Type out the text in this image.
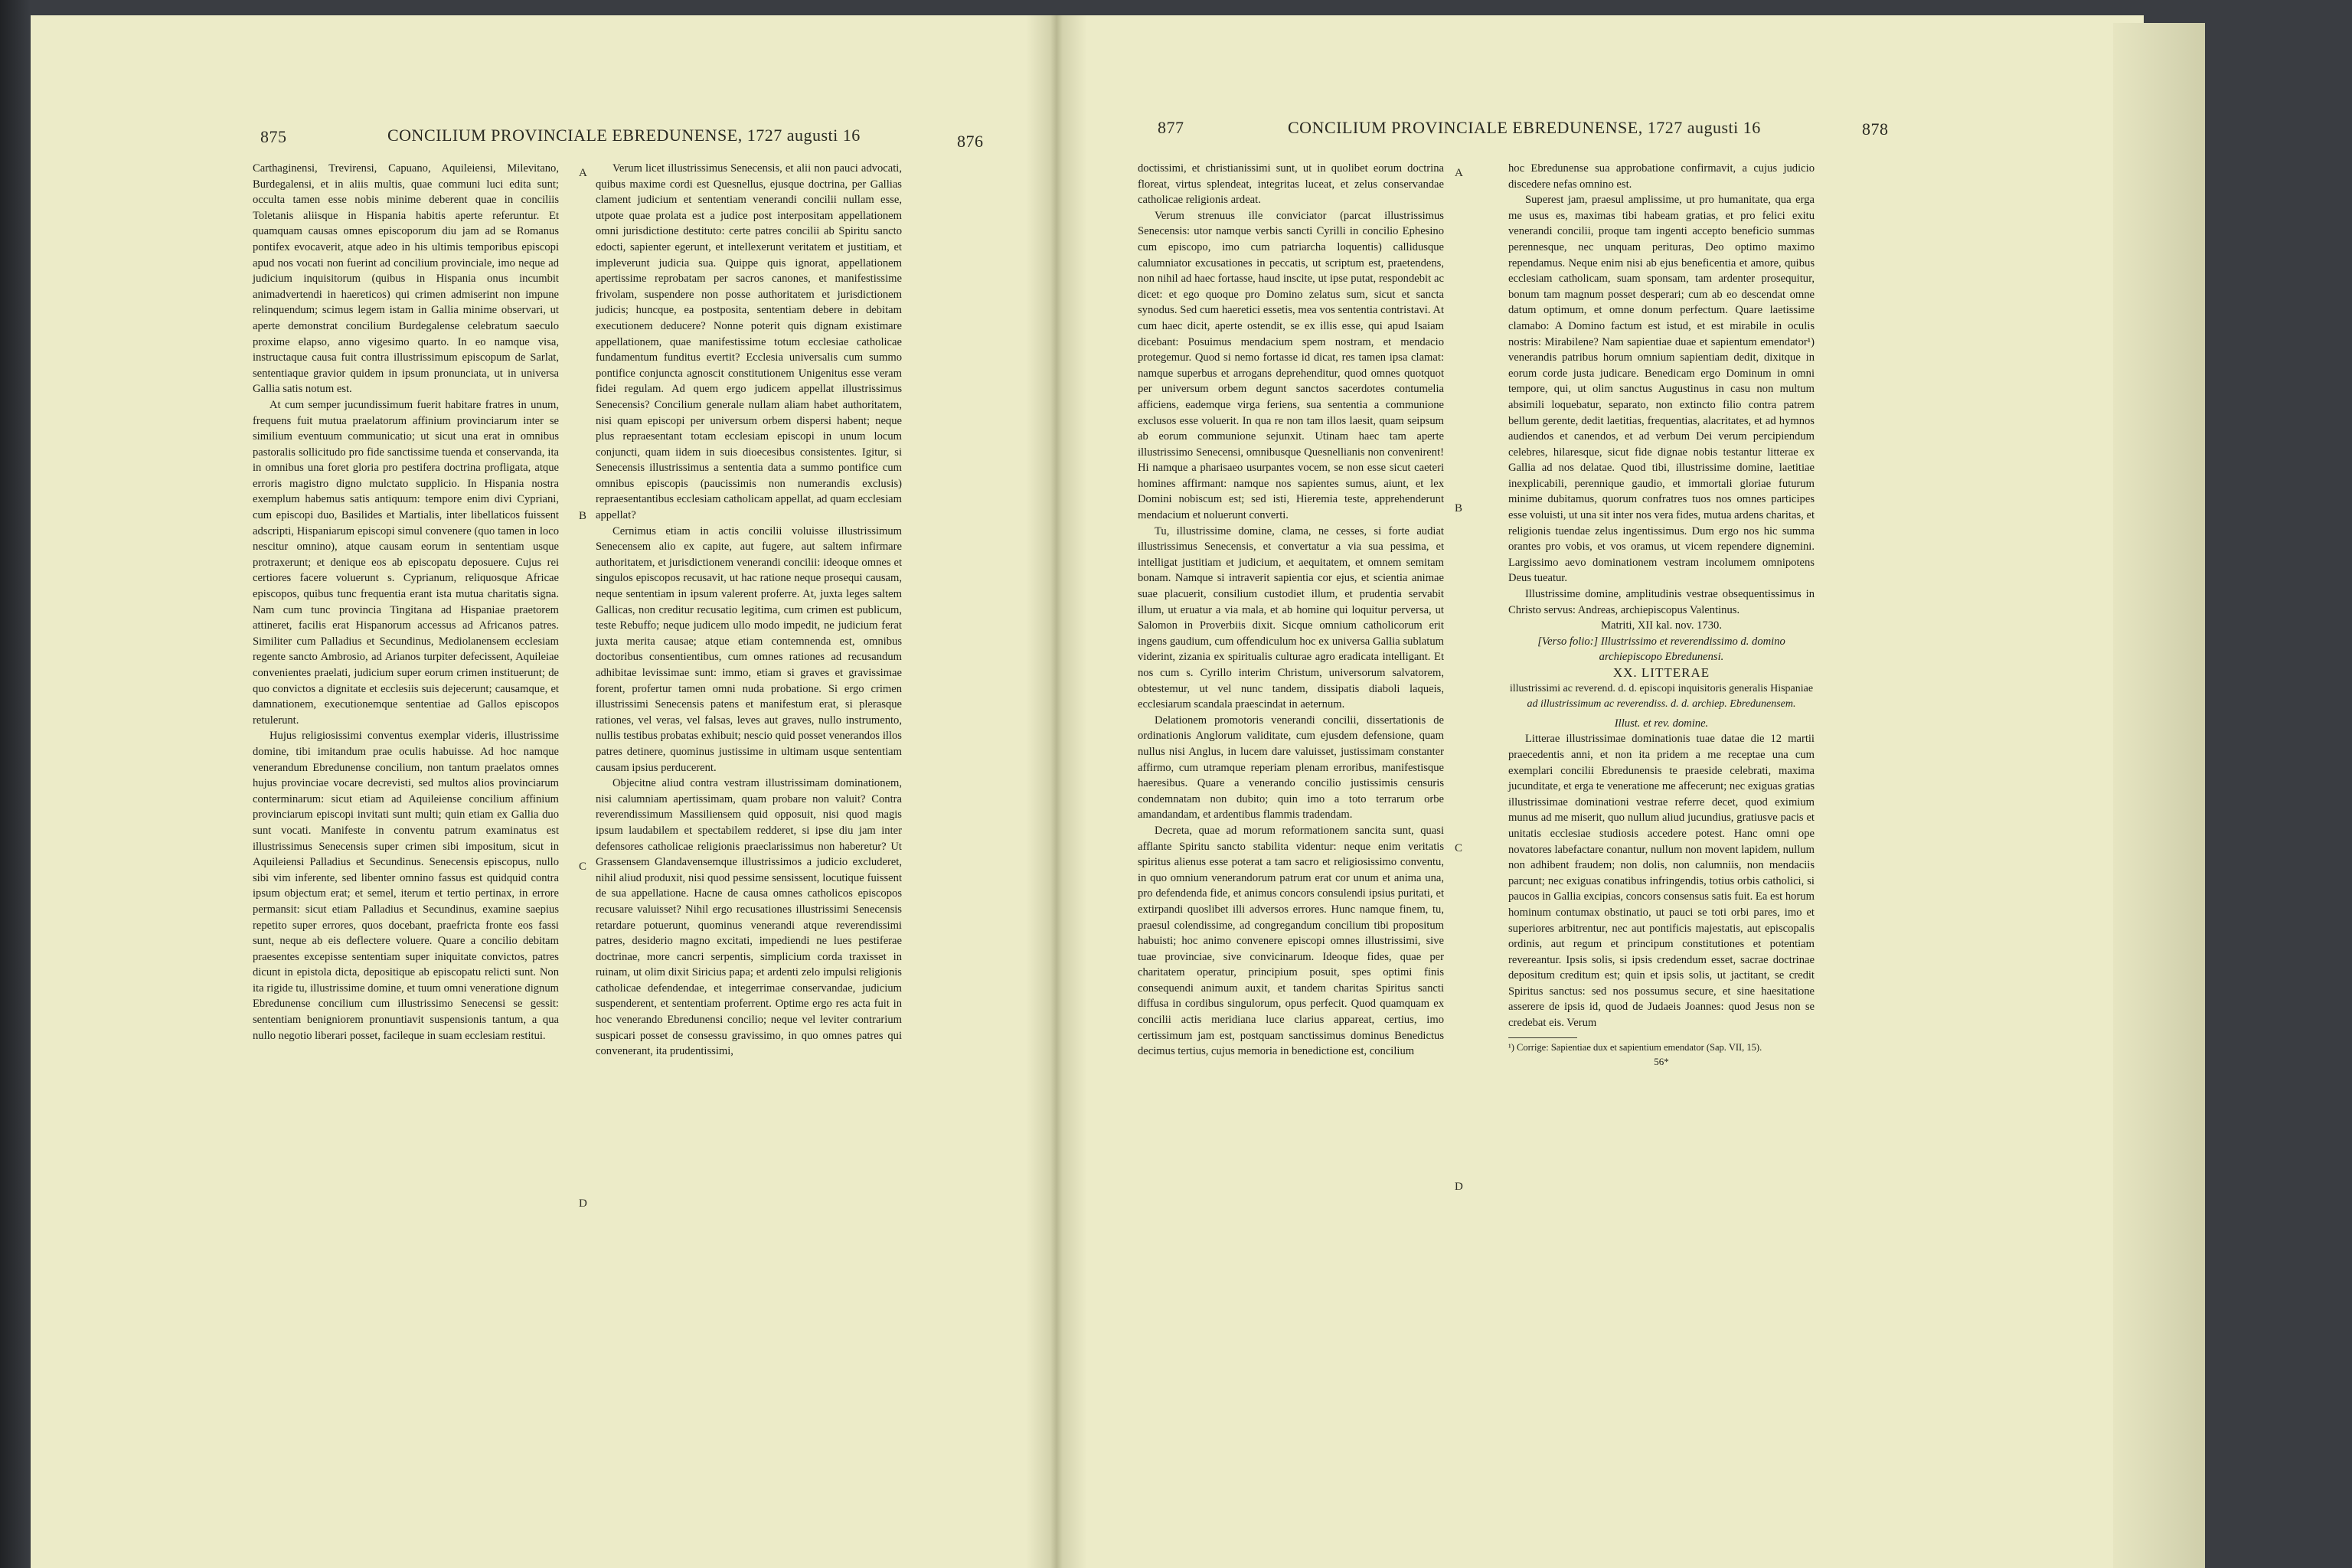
875	CONCILIUM PROVINCIALE EBREDUNENSE, 1727 augusti 16	876

Carthaginensi, Trevirensi, Capuano, Aquileiensi, Milevitano, Burdegalensi, et in aliis multis, quae communi luci edita sunt; occulta tamen esse nobis minime deberent quae in conciliis Toletanis aliisque in Hispania habitis aperte referuntur. Et quamquam causas omnes episcoporum diu jam ad se Romanus pontifex evocaverit, atque adeo in his ultimis temporibus episcopi apud nos vocati non fuerint ad concilium provinciale, imo neque ad judicium inquisitorum (quibus in Hispania onus incumbit animadvertendi in haereticos) qui crimen admiserint non impune relinquendum; scimus legem istam in Gallia minime observari, ut aperte demonstrat concilium Burdegalense celebratum saeculo proxime elapso, anno vigesimo quarto. In eo namque visa, instructaque causa fuit contra illustrissimum episcopum de Sarlat, sententiaque gravior quidem in ipsum pronunciata, ut in universa Gallia satis notum est.

At cum semper jucundissimum fuerit habitare fratres in unum, frequens fuit mutua praelatorum affinium provinciarum inter se similium eventuum communicatio; ut sicut una erat in omnibus pastoralis sollicitudo pro fide sanctissime tuenda et conservanda, ita in omnibus una foret gloria pro pestifera doctrina profligata, atque erroris magistro digno mulctato supplicio. In Hispania nostra exemplum habemus satis antiquum: tempore enim divi Cypriani, cum episcopi duo, Basilides et Martialis, inter libellaticos fuissent adscripti, Hispaniarum episcopi simul convenere (quo tamen in loco nescitur omnino), atque causam eorum in sententiam usque protraxerunt; et denique eos ab episcopatu deposuere. Cujus rei certiores facere voluerunt s. Cyprianum, reliquosque Africae episcopos, quibus tunc frequentia erant ista mutua charitatis signa. Nam cum tunc provincia Tingitana ad Hispaniae praetorem attineret, facilis erat Hispanorum accessus ad Africanos patres. Similiter cum Palladius et Secundinus, Mediolanensem ecclesiam regente sancto Ambrosio, ad Arianos turpiter defecissent, Aquileiae convenientes praelati, judicium super eorum crimen instituerunt; de quo convictos a dignitate et ecclesiis suis dejecerunt; causamque, et damnationem, executionemque sententiae ad Gallos episcopos retulerunt.

Hujus religiosissimi conventus exemplar videris, illustrissime domine, tibi imitandum prae oculis habuisse. Ad hoc namque venerandum Ebredunense concilium, non tantum praelatos omnes hujus provinciae vocare decrevisti, sed multos alios provinciarum conterminarum: sicut etiam ad Aquileiense concilium affinium provinciarum episcopi invitati sunt multi; quin etiam ex Gallia duo sunt vocati. Manifeste in conventu patrum examinatus est illustrissimus Senecensis super crimen sibi impositum, sicut in Aquileiensi Palladius et Secundinus. Senecensis episcopus, nullo sibi vim inferente, sed libenter omnino fassus est quidquid contra ipsum objectum erat; et semel, iterum et tertio pertinax, in errore permansit: sicut etiam Palladius et Secundinus, examine saepius repetito super errores, quos docebant, praefricta fronte eos fassi sunt, neque ab eis deflectere voluere. Quare a concilio debitam praesentes excepisse sententiam super iniquitate convictos, patres dicunt in epistola dicta, depositique ab episcopatu relicti sunt. Non ita rigide tu, illustrissime domine, et tuum omni veneratione dignum Ebredunense concilium cum illustrissimo Senecensi se gessit: sententiam benigniorem pronuntiavit suspensionis tantum, a qua nullo negotio liberari posset, facileque in suam ecclesiam restitui.

A
B
C
D

Verum licet illustrissimus Senecensis, et alii non pauci advocati, quibus maxime cordi est Quesnellus, ejusque doctrina, per Gallias clament judicium et sententiam venerandi concilii nullam esse, utpote quae prolata est a judice post interpositam appellationem omni jurisdictione destituto: certe patres concilii ab Spiritu sancto edocti, sapienter egerunt, et intellexerunt veritatem et justitiam, et impleverunt judicia sua. Quippe quis ignorat, appellationem apertissime reprobatam per sacros canones, et manifestissime frivolam, suspendere non posse authoritatem et jurisdictionem judicis; huncque, ea postposita, sententiam debere in debitam executionem deducere? Nonne poterit quis dignam existimare appellationem, quae manifestissime totum ecclesiae catholicae fundamentum funditus evertit? Ecclesia universalis cum summo pontifice conjuncta agnoscit constitutionem Unigenitus esse veram fidei regulam. Ad quem ergo judicem appellat illustrissimus Senecensis? Concilium generale nullam aliam habet authoritatem, nisi quam episcopi per universum orbem dispersi habent; neque plus repraesentant totam ecclesiam episcopi in unum locum conjuncti, quam iidem in suis dioecesibus consistentes. Igitur, si Senecensis illustrissimus a sententia data a summo pontifice cum omnibus episcopis (paucissimis non numerandis exclusis) repraesentantibus ecclesiam catholicam appellat, ad quam ecclesiam appellat?

Cernimus etiam in actis concilii voluisse illustrissimum Senecensem alio ex capite, aut fugere, aut saltem infirmare authoritatem, et jurisdictionem venerandi concilii: ideoque omnes et singulos episcopos recusavit, ut hac ratione neque prosequi causam, neque sententiam in ipsum valerent proferre. At, juxta leges saltem Gallicas, non creditur recusatio legitima, cum crimen est publicum, teste Rebuffo; neque judicem ullo modo impedit, ne judicium ferat juxta merita causae; atque etiam contemnenda est, omnibus doctoribus consentientibus, cum omnes rationes ad recusandum adhibitae levissimae sunt: immo, etiam si graves et gravissimae forent, profertur tamen omni nuda probatione. Si ergo crimen illustrissimi Senecensis patens et manifestum erat, si plerasque rationes, vel veras, vel falsas, leves aut graves, nullo instrumento, nullis testibus probatas exhibuit; nescio quid posset venerandos illos patres detinere, quominus justissime in ultimam usque sententiam causam ipsius perducerent.

Objecitne aliud contra vestram illustrissimam dominationem, nisi calumniam apertissimam, quam probare non valuit? Contra reverendissimum Massiliensem quid opposuit, nisi quod magis ipsum laudabilem et spectabilem redderet, si ipse diu jam inter defensores catholicae religionis praeclarissimus non haberetur? Ut Grassensem Glandavensemque illustrissimos a judicio excluderet, nihil aliud produxit, nisi quod pessime sensissent, locutique fuissent de sua appellatione. Hacne de causa omnes catholicos episcopos recusare valuisset? Nihil ergo recusationes illustrissimi Senecensis retardare potuerunt, quominus venerandi atque reverendissimi patres, desiderio magno excitati, impediendi ne lues pestiferae doctrinae, more cancri serpentis, simplicium corda traxisset in ruinam, ut olim dixit Siricius papa; et ardenti zelo impulsi religionis catholicae defendendae, et integerrimae conservandae, judicium suspenderent, et sententiam proferrent. Optime ergo res acta fuit in hoc venerando Ebredunensi concilio; neque vel leviter contrarium suspicari posset de consessu gravissimo, in quo omnes patres qui convenerant, ita prudentissimi,

877	CONCILIUM PROVINCIALE EBREDUNENSE, 1727 augusti 16	878

doctissimi, et christianissimi sunt, ut in quolibet eorum doctrina floreat, virtus splendeat, integritas luceat, et zelus conservandae catholicae religionis ardeat.

Verum strenuus ille conviciator (parcat illustrissimus Senecensis: utor namque verbis sancti Cyrilli in concilio Ephesino cum episcopo, imo cum patriarcha loquentis) callidusque calumniator excusationes in peccatis, ut scriptum est, praetendens, non nihil ad haec fortasse, haud inscite, ut ipse putat, respondebit ac dicet: et ego quoque pro Domino zelatus sum, sicut et sancta synodus. Sed cum haeretici essetis, mea vos sententia contristavi. At cum haec dicit, aperte ostendit, se ex illis esse, qui apud Isaiam dicebant: Posuimus mendacium spem nostram, et mendacio protegemur. Quod si nemo fortasse id dicat, res tamen ipsa clamat: namque superbus et arrogans deprehenditur, quod omnes quotquot per universum orbem degunt sanctos sacerdotes contumelia afficiens, eademque virga feriens, sua sententia a communione exclusos esse voluerit. In qua re non tam illos laesit, quam seipsum ab eorum communione sejunxit. Utinam haec tam aperte illustrissimo Senecensi, omnibusque Quesnellianis non convenirent! Hi namque a pharisaeo usurpantes vocem, se non esse sicut caeteri homines affirmant: namque nos sapientes sumus, aiunt, et lex Domini nobiscum est; sed isti, Hieremia teste, apprehenderunt mendacium et noluerunt converti.

Tu, illustrissime domine, clama, ne cesses, si forte audiat illustrissimus Senecensis, et convertatur a via sua pessima, et intelligat justitiam et judicium, et aequitatem, et omnem semitam bonam. Namque si intraverit sapientia cor ejus, et scientia animae suae placuerit, consilium custodiet illum, et prudentia servabit illum, ut eruatur a via mala, et ab homine qui loquitur perversa, ut Salomon in Proverbiis dixit. Sicque omnium catholicorum erit ingens gaudium, cum offendiculum hoc ex universa Gallia sublatum viderint, zizania ex spiritualis culturae agro eradicata intelligant. Et nos cum s. Cyrillo interim Christum, universorum salvatorem, obtestemur, ut vel nunc tandem, dissipatis diaboli laqueis, ecclesiarum scandala praescindat in aeternum.

Delationem promotoris venerandi concilii, dissertationis de ordinationis Anglorum validitate, cum ejusdem defensione, quam nullus nisi Anglus, in lucem dare valuisset, justissimam constanter affirmo, cum utramque reperiam plenam erroribus, manifestisque haeresibus. Quare a venerando concilio justissimis censuris condemnatam non dubito; quin imo a toto terrarum orbe amandandam, et ardentibus flammis tradendam.

Decreta, quae ad morum reformationem sancita sunt, quasi afflante Spiritu sancto stabilita videntur: neque enim veritatis spiritus alienus esse poterat a tam sacro et religiosissimo conventu, in quo omnium venerandorum patrum erat cor unum et anima una, pro defendenda fide, et animus concors consulendi ipsius puritati, et extirpandi quoslibet illi adversos errores. Hunc namque finem, tu, praesul colendissime, ad congregandum concilium tibi propositum habuisti; hoc animo convenere episcopi omnes illustrissimi, sive tuae provinciae, sive convicinarum. Ideoque fides, quae per charitatem operatur, principium posuit, spes optimi finis consequendi animum auxit, et tandem charitas Spiritus sancti diffusa in cordibus singulorum, opus perfecit. Quod quamquam ex concilii actis meridiana luce clarius appareat, certius, imo certissimum jam est, postquam sanctissimus dominus Benedictus decimus tertius, cujus memoria in benedictione est, concilium

A
B
C
D

hoc Ebredunense sua approbatione confirmavit, a cujus judicio discedere nefas omnino est.

Superest jam, praesul amplissime, ut pro humanitate, qua erga me usus es, maximas tibi habeam gratias, et pro felici exitu venerandi concilii, proque tam ingenti accepto beneficio summas perennesque, nec unquam perituras, Deo optimo maximo rependamus. Neque enim nisi ab ejus beneficentia et amore, quibus ecclesiam catholicam, suam sponsam, tam ardenter prosequitur, bonum tam magnum posset desperari; cum ab eo descendat omne datum optimum, et omne donum perfectum. Quare laetissime clamabo: A Domino factum est istud, et est mirabile in oculis nostris: Mirabilene? Nam sapientiae duae et sapientum emendator¹) venerandis patribus horum omnium sapientiam dedit, dixitque in eorum corde justa judicare. Benedicam ergo Dominum in omni tempore, qui, ut olim sanctus Augustinus in casu non multum absimili loquebatur, separato, non extincto filio contra patrem bellum gerente, dedit laetitias, frequentias, alacritates, et ad hymnos audiendos et canendos, et ad verbum Dei verum percipiendum celebres, hilaresque, sicut fide dignae nobis testantur litterae ex Gallia ad nos delatae. Quod tibi, illustrissime domine, laetitiae inexplicabili, perennique gaudio, et immortali gloriae futurum minime dubitamus, quorum confratres tuos nos omnes participes esse voluisti, ut una sit inter nos vera fides, mutua ardens charitas, et religionis tuendae zelus ingentissimus. Dum ergo nos hic summa orantes pro vobis, et vos oramus, ut vicem rependere dignemini. Largissimo aevo dominationem vestram incolumem omnipotens Deus tueatur.

Illustrissime domine, amplitudinis vestrae obsequentissimus in Christo servus: Andreas, archiepiscopus Valentinus.

Matriti, XII kal. nov. 1730.

[Verso folio:] Illustrissimo et reverendissimo d. domino archiepiscopo Ebredunensi.

XX. LITTERAE

illustrissimi ac reverend. d. d. episcopi inquisitoris generalis Hispaniae

ad illustrissimum ac reverendiss. d. d. archiep. Ebredunensem.

Illust. et rev. domine.

Litterae illustrissimae dominationis tuae datae die 12 martii praecedentis anni, et non ita pridem a me receptae una cum exemplari concilii Ebredunensis te praeside celebrati, maxima jucunditate, et erga te veneratione me affecerunt; nec exiguas gratias illustrissimae dominationi vestrae referre decet, quod eximium munus ad me miserit, quo nullum aliud jucundius, gratiusve pacis et unitatis ecclesiae studiosis accedere potest. Hanc omni ope novatores labefactare conantur, nullum non movent lapidem, nullum non adhibent fraudem; non dolis, non calumniis, non mendaciis parcunt; nec exiguas conatibus infringendis, totius orbis catholici, si paucos in Gallia excipias, concors consensus satis fuit. Ea est horum hominum contumax obstinatio, ut pauci se toti orbi pares, imo et superiores arbitrentur, nec aut pontificis majestatis, aut episcopalis ordinis, aut regum et principum constitutiones et potentiam revereantur. Ipsis solis, si ipsis credendum esset, sacrae doctrinae depositum creditum est; quin et ipsis solis, ut jactitant, se credit Spiritus sanctus: sed nos possumus secure, et sine haesitatione asserere de ipsis id, quod de Judaeis Joannes: quod Jesus non se credebat eis. Verum

¹) Corrige: Sapientiae dux et sapientium emendator (Sap. VII, 15).

56*
